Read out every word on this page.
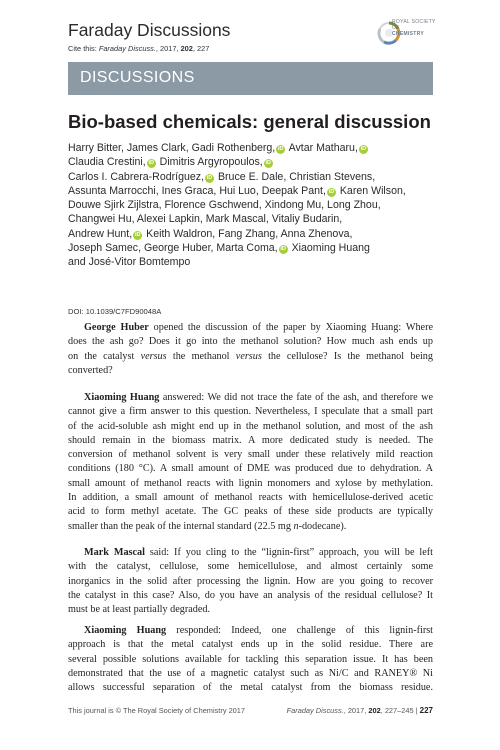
Faraday Discussions
Cite this: Faraday Discuss., 2017, 202, 227
ROYAL SOCIETY
OF
CHEMISTRY
DISCUSSIONS
Bio-based chemicals: general discussion
Harry Bitter, James Clark, Gadi Rothenberg, iD Avtar Matharu, iD
Claudia Crestini, iD Dimitris Argyropoulos, iD
Carlos I. Cabrera-Rodríguez, iD Bruce E. Dale, Christian Stevens,
Assunta Marrocchi, Ines Graca, Hui Luo, Deepak Pant, iD Karen Wilson,
Douwe Sjirk Zijlstra, Florence Gschwend, Xindong Mu, Long Zhou,
Changwei Hu, Alexei Lapkin, Mark Mascal, Vitaliy Budarin,
Andrew Hunt, iD Keith Waldron, Fang Zhang, Anna Zhenova,
Joseph Samec, George Huber, Marta Coma, iD Xiaoming Huang
and José-Vitor Bomtempo
DOI: 10.1039/C7FD90048A
George Huber opened the discussion of the paper by Xiaoming Huang: Where
does the ash go? Does it go into the methanol solution? How much ash ends up
on the catalyst versus the methanol versus the cellulose? Is the methanol being
converted?
Xiaoming Huang answered: We did not trace the fate of the ash, and therefore we
cannot give a firm answer to this question. Nevertheless, I speculate that a small part
of the acid-soluble ash might end up in the methanol solution, and most of the ash
should remain in the biomass matrix. A more dedicated study is needed. The
conversion of methanol solvent is very small under these relatively mild reaction
conditions (180 °C). A small amount of DME was produced due to dehydration. A
small amount of methanol reacts with lignin monomers and xylose by methylation.
In addition, a small amount of methanol reacts with hemicellulose-derived acetic
acid to form methyl acetate. The GC peaks of these side products are typically
smaller than the peak of the internal standard (22.5 mg n-dodecane).
Mark Mascal said: If you cling to the “lignin-first” approach, you will be left
with the catalyst, cellulose, some hemicellulose, and almost certainly some
inorganics in the solid after processing the lignin. How are you going to recover
the catalyst in this case? Also, do you have an analysis of the residual cellulose? It
must be at least partially degraded.
Xiaoming Huang responded: Indeed, one challenge of this lignin-first
approach is that the metal catalyst ends up in the solid residue. There are
several possible solutions available for tackling this separation issue. It has been
demonstrated that the use of a magnetic catalyst such as Ni/C and RANEY® Ni
allows successful separation of the metal catalyst from the biomass residue.
This journal is © The Royal Society of Chemistry 2017	Faraday Discuss., 2017, 202, 227–245 | 227
